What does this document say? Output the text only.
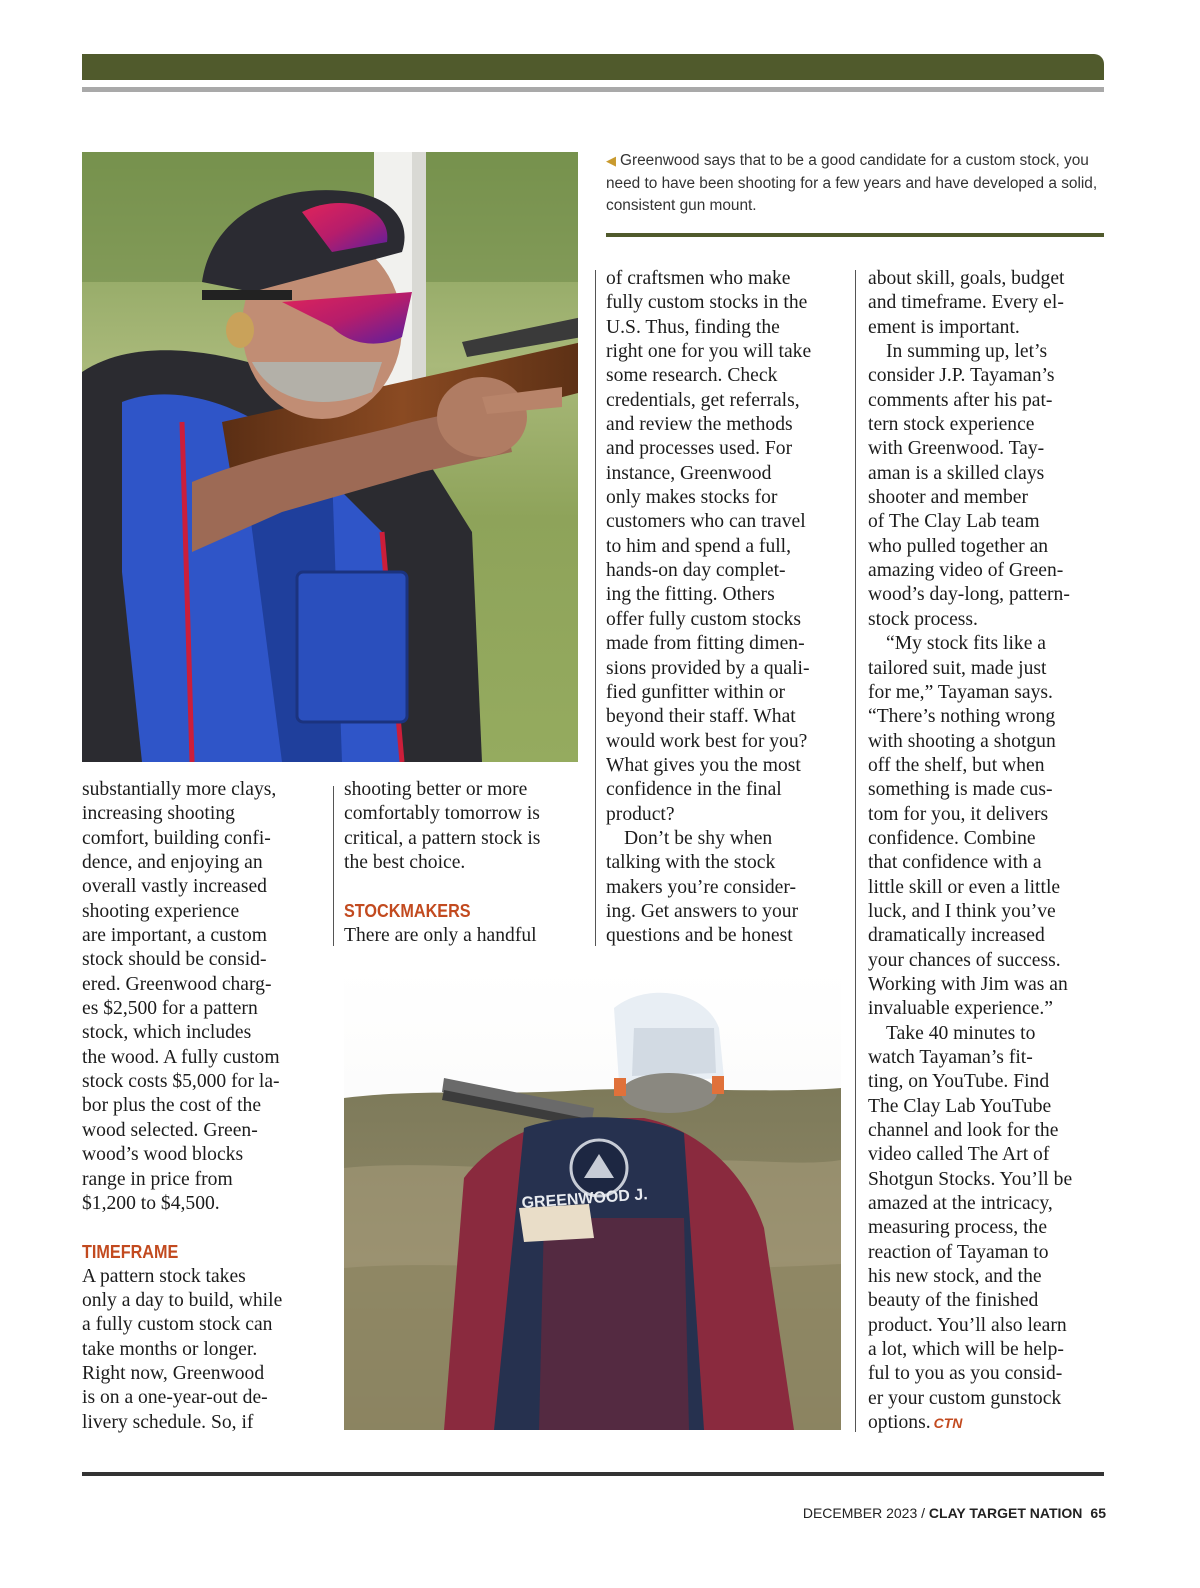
◀ Greenwood says that to be a good candidate for a custom stock, you need to have been shooting for a few years and have developed a solid, consistent gun mount.

substantially more clays,

increasing shooting

comfort, building confi-

dence, and enjoying an

overall vastly increased

shooting experience

are important, a custom

stock should be consid-

ered. Greenwood charg-

es $2,500 for a pattern

stock, which includes

the wood. A fully custom

stock costs $5,000 for la-

bor plus the cost of the

wood selected. Green-

wood’s wood blocks

range in price from

$1,200 to $4,500.

TIMEFRAME

A pattern stock takes

only a day to build, while

a fully custom stock can

take months or longer.

Right now, Greenwood

is on a one-year-out de-

livery schedule. So, if

shooting better or more

comfortably tomorrow is

critical, a pattern stock is

the best choice.

STOCKMAKERS

There are only a handful

GREENWOOD J.

of craftsmen who make

fully custom stocks in the

U.S. Thus, finding the

right one for you will take

some research. Check

credentials, get referrals,

and review the methods

and processes used. For

instance, Greenwood

only makes stocks for

customers who can travel

to him and spend a full,

hands-on day complet-

ing the fitting. Others

offer fully custom stocks

made from fitting dimen-

sions provided by a quali-

fied gunfitter within or

beyond their staff. What

would work best for you?

What gives you the most

confidence in the final

product?

Don’t be shy when

talking with the stock

makers you’re consider-

ing. Get answers to your

questions and be honest

about skill, goals, budget

and timeframe. Every el-

ement is important.

In summing up, let’s

consider J.P. Tayaman’s

comments after his pat-

tern stock experience

with Greenwood. Tay-

aman is a skilled clays

shooter and member

of The Clay Lab team

who pulled together an

amazing video of Green-

wood’s day-long, pattern-

stock process.

“My stock fits like a

tailored suit, made just

for me,” Tayaman says.

“There’s nothing wrong

with shooting a shotgun

off the shelf, but when

something is made cus-

tom for you, it delivers

confidence. Combine

that confidence with a

little skill or even a little

luck, and I think you’ve

dramatically increased

your chances of success.

Working with Jim was an

invaluable experience.”

Take 40 minutes to

watch Tayaman’s fit-

ting, on YouTube. Find

The Clay Lab YouTube

channel and look for the

video called The Art of

Shotgun Stocks. You’ll be

amazed at the intricacy,

measuring process, the

reaction of Tayaman to

his new stock, and the

beauty of the finished

product. You’ll also learn

a lot, which will be help-

ful to you as you consid-

er your custom gunstock

options. CTN

DECEMBER 2023 / CLAY TARGET NATION 65
